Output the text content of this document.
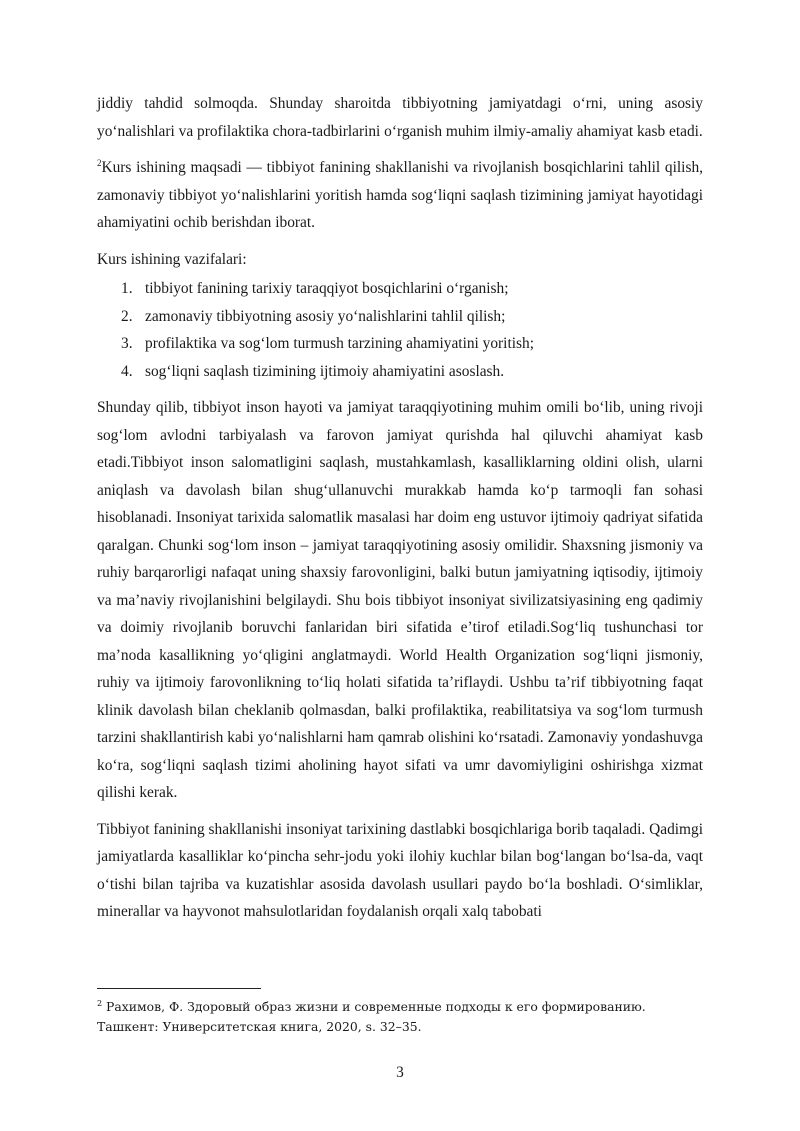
jiddiy tahdid solmoqda. Shunday sharoitda tibbiyotning jamiyatdagi oʻrni, uning asosiy yoʻnalishlari va profilaktika chora-tadbirlarini oʻrganish muhim ilmiy-amaliy ahamiyat kasb etadi.

$^2$Kurs ishining maqsadi — tibbiyot fanining shakllanishi va rivojlanish bosqichlarini tahlil qilish, zamonaviy tibbiyot yoʻnalishlarini yoritish hamda sogʻliqni saqlash tizimining jamiyat hayotidagi ahamiyatini ochib berishdan iborat.

Kurs ishining vazifalari:

1. tibbiyot fanining tarixiy taraqqiyot bosqichlarini oʻrganish;
2. zamonaviy tibbiyotning asosiy yoʻnalishlarini tahlil qilish;
3. profilaktika va sogʻlom turmush tarzining ahamiyatini yoritish;
4. sogʻliqni saqlash tizimining ijtimoiy ahamiyatini asoslash.

Shunday qilib, tibbiyot inson hayoti va jamiyat taraqqiyotining muhim omili boʻlib, uning rivoji sogʻlom avlodni tarbiyalash va farovon jamiyat qurishda hal qiluvchi ahamiyat kasb etadi.Tibbiyot inson salomatligini saqlash, mustahkamlash, kasalliklarning oldini olish, ularni aniqlash va davolash bilan shugʻullanuvchi murakkab hamda koʻp tarmoqli fan sohasi hisoblanadi. Insoniyat tarixida salomatlik masalasi har doim eng ustuvor ijtimoiy qadriyat sifatida qaralgan. Chunki sogʻlom inson – jamiyat taraqqiyotining asosiy omilidir. Shaxsning jismoniy va ruhiy barqarorligi nafaqat uning shaxsiy farovonligini, balki butun jamiyatning iqtisodiy, ijtimoiy va maʼnaviy rivojlanishini belgilaydi. Shu bois tibbiyot insoniyat sivilizatsiyasining eng qadimiy va doimiy rivojlanib boruvchi fanlaridan biri sifatida eʼtirof etiladi.Sogʻliq tushunchasi tor maʼnoda kasallikning yoʻqligini anglatmaydi. World Health Organization sogʻliqni jismoniy, ruhiy va ijtimoiy farovonlikning toʻliq holati sifatida taʼriflaydi. Ushbu taʼrif tibbiyotning faqat klinik davolash bilan cheklanib qolmasdan, balki profilaktika, reabilitatsiya va sogʻlom turmush tarzini shakllantirish kabi yoʻnalishlarni ham qamrab olishini koʻrsatadi. Zamonaviy yondashuvga koʻra, sogʻliqni saqlash tizimi aholining hayot sifati va umr davomiyligini oshirishga xizmat qilishi kerak.

Tibbiyot fanining shakllanishi insoniyat tarixining dastlabki bosqichlariga borib taqaladi. Qadimgi jamiyatlarda kasalliklar koʻpincha sehr-jodu yoki ilohiy kuchlar bilan bogʻlangan boʻlsa-da, vaqt oʻtishi bilan tajriba va kuzatishlar asosida davolash usullari paydo boʻla boshladi. Oʻsimliklar, minerallar va hayvonot mahsulotlaridan foydalanish orqali xalq tabobati

$^2$ Рахимов, Ф. Здоровый образ жизни и современные подходы к его формированию. Ташкент: Университетская книга, 2020, s. 32–35.
3
